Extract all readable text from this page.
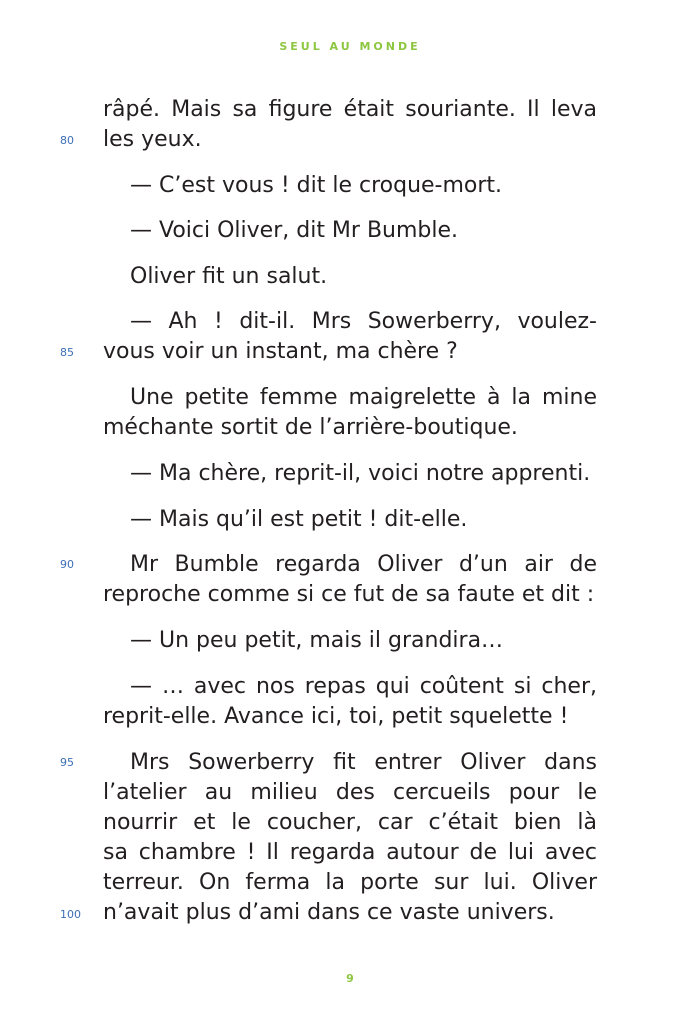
SEUL AU MONDE
80
85
90
95
100
râpé. Mais sa figure était souriante. Il leva
les yeux.
— C’est vous ! dit le croque-mort.
— Voici Oliver, dit Mr Bumble.
Oliver fit un salut.
— Ah ! dit-il. Mrs Sowerberry, voulez-
vous voir un instant, ma chère ?
Une petite femme maigrelette à la mine
méchante sortit de l’arrière-boutique.
— Ma chère, reprit-il, voici notre apprenti.
— Mais qu’il est petit ! dit-elle.
Mr Bumble regarda Oliver d’un air de
reproche comme si ce fut de sa faute et dit :
— Un peu petit, mais il grandira…
— … avec nos repas qui coûtent si cher,
reprit-elle. Avance ici, toi, petit squelette !
Mrs Sowerberry fit entrer Oliver dans
l’atelier au milieu des cercueils pour le
nourrir et le coucher, car c’était bien là
sa chambre ! Il regarda autour de lui avec
terreur. On ferma la porte sur lui. Oliver
n’avait plus d’ami dans ce vaste univers.
9
